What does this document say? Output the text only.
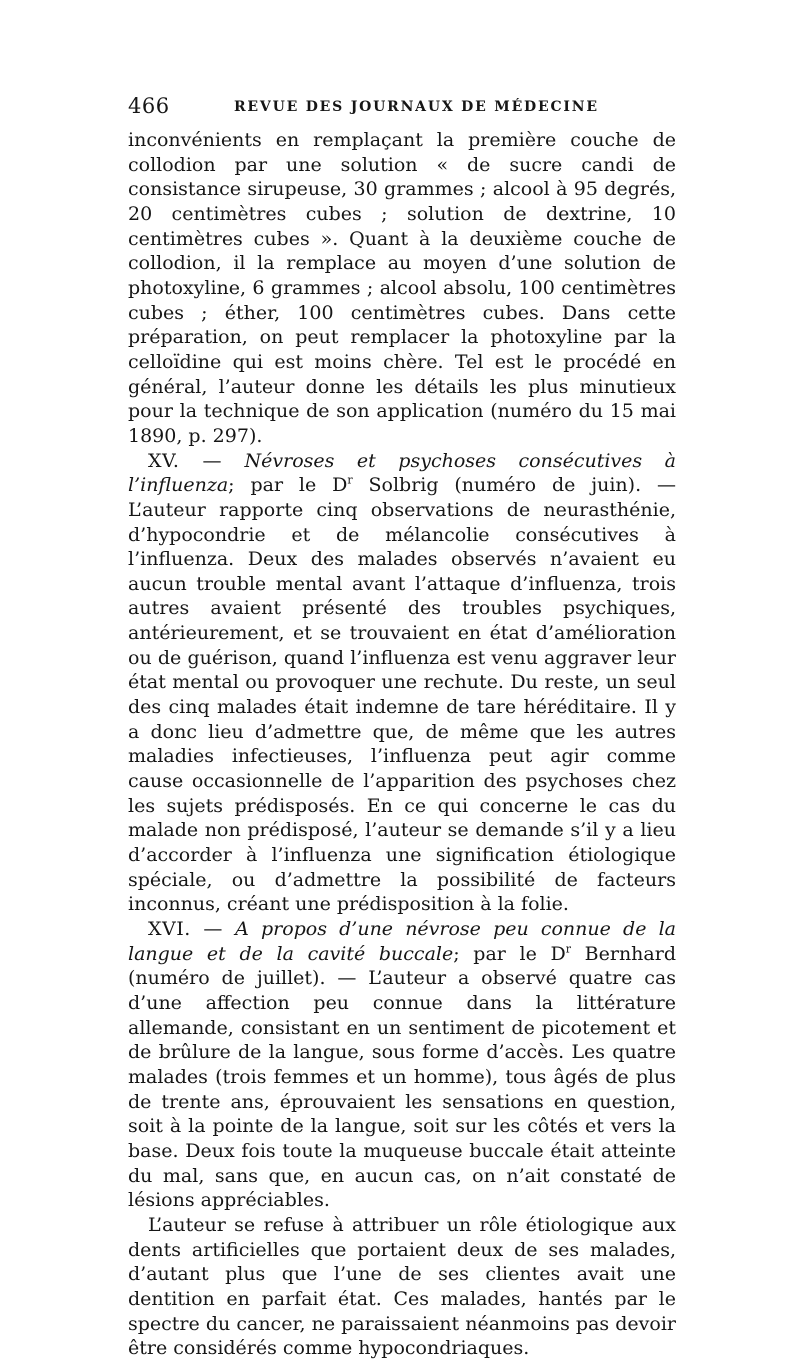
466	REVUE DES JOURNAUX DE MÉDECINE

inconvénients en remplaçant la première couche de collodion par une solution « de sucre candi de consistance sirupeuse, 30 grammes ; alcool à 95 degrés, 20 centimètres cubes ; solution de dextrine, 10 centimètres cubes ». Quant à la deuxième couche de collodion, il la remplace au moyen d’une solution de photoxyline, 6 grammes ; alcool absolu, 100 centimètres cubes ; éther, 100 centimètres cubes. Dans cette préparation, on peut remplacer la photoxyline par la celloïdine qui est moins chère. Tel est le procédé en général, l’auteur donne les détails les plus minutieux pour la technique de son application (numéro du 15 mai 1890, p. 297).

XV. — Névroses et psychoses consécutives à l’influenza; par le $D^r$ Solbrig (numéro de juin). — L’auteur rapporte cinq observations de neurasthénie, d’hypocondrie et de mélancolie consécutives à l’influenza. Deux des malades observés n’avaient eu aucun trouble mental avant l’attaque d’influenza, trois autres avaient présenté des troubles psychiques, antérieurement, et se trouvaient en état d’amélioration ou de guérison, quand l’influenza est venu aggraver leur état mental ou provoquer une rechute. Du reste, un seul des cinq malades était indemne de tare héréditaire. Il y a donc lieu d’admettre que, de même que les autres maladies infectieuses, l’influenza peut agir comme cause occasionnelle de l’apparition des psychoses chez les sujets prédisposés. En ce qui concerne le cas du malade non prédisposé, l’auteur se demande s’il y a lieu d’accorder à l’influenza une signification étiologique spéciale, ou d’admettre la possibilité de facteurs inconnus, créant une prédisposition à la folie.

XVI. — A propos d’une névrose peu connue de la langue et de la cavité buccale; par le $D^r$ Bernhard (numéro de juillet). — L’auteur a observé quatre cas d’une affection peu connue dans la littérature allemande, consistant en un sentiment de picotement et de brûlure de la langue, sous forme d’accès. Les quatre malades (trois femmes et un homme), tous âgés de plus de trente ans, éprouvaient les sensations en question, soit à la pointe de la langue, soit sur les côtés et vers la base. Deux fois toute la muqueuse buccale était atteinte du mal, sans que, en aucun cas, on n’ait constaté de lésions appréciables.

L’auteur se refuse à attribuer un rôle étiologique aux dents artificielles que portaient deux de ses malades, d’autant plus que l’une de ses clientes avait une dentition en parfait état. Ces malades, hantés par le spectre du cancer, ne paraissaient néanmoins pas devoir être considérés comme hypocondriaques.
